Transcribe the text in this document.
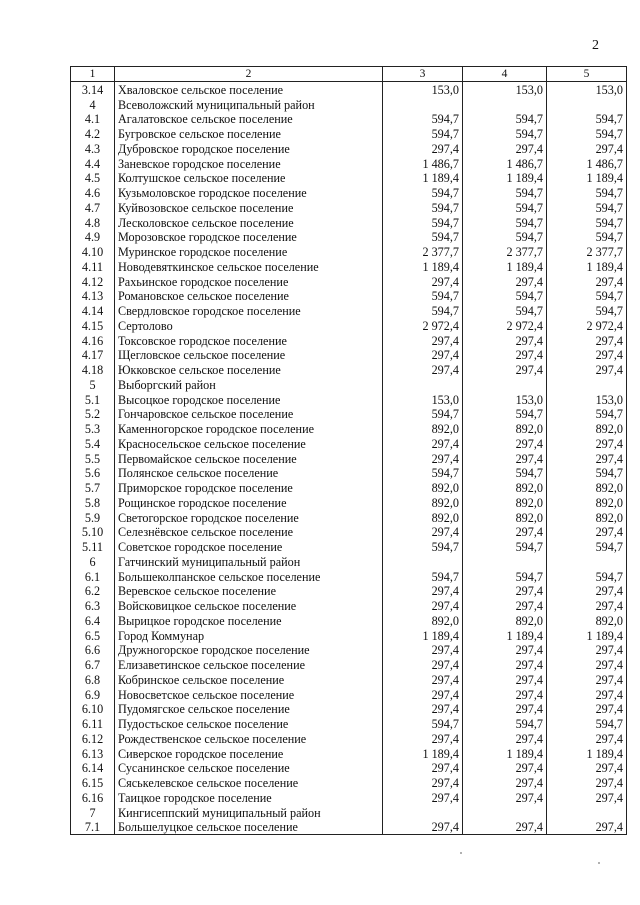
2
1	2	3	4	5
3.14	Хваловское сельское поселение	153,0	153,0	153,0
4	Всеволожский муниципальный район			
4.1	Агалатовское сельское поселение	594,7	594,7	594,7
4.2	Бугровское сельское поселение	594,7	594,7	594,7
4.3	Дубровское городское поселение	297,4	297,4	297,4
4.4	Заневское городское поселение	1 486,7	1 486,7	1 486,7
4.5	Колтушское сельское поселение	1 189,4	1 189,4	1 189,4
4.6	Кузьмоловское городское поселение	594,7	594,7	594,7
4.7	Куйвозовское сельское поселение	594,7	594,7	594,7
4.8	Лесколовское сельское поселение	594,7	594,7	594,7
4.9	Морозовское городское поселение	594,7	594,7	594,7
4.10	Муринское городское поселение	2 377,7	2 377,7	2 377,7
4.11	Новодевяткинское сельское поселение	1 189,4	1 189,4	1 189,4
4.12	Рахьинское городское поселение	297,4	297,4	297,4
4.13	Романовское сельское поселение	594,7	594,7	594,7
4.14	Свердловское городское поселение	594,7	594,7	594,7
4.15	Сертолово	2 972,4	2 972,4	2 972,4
4.16	Токсовское городское поселение	297,4	297,4	297,4
4.17	Щегловское сельское поселение	297,4	297,4	297,4
4.18	Юкковское сельское поселение	297,4	297,4	297,4
5	Выборгский район			
5.1	Высоцкое городское поселение	153,0	153,0	153,0
5.2	Гончаровское сельское поселение	594,7	594,7	594,7
5.3	Каменногорское городское поселение	892,0	892,0	892,0
5.4	Красносельское сельское поселение	297,4	297,4	297,4
5.5	Первомайское сельское поселение	297,4	297,4	297,4
5.6	Полянское сельское поселение	594,7	594,7	594,7
5.7	Приморское городское поселение	892,0	892,0	892,0
5.8	Рощинское городское поселение	892,0	892,0	892,0
5.9	Светогорское городское поселение	892,0	892,0	892,0
5.10	Селезнёвское сельское поселение	297,4	297,4	297,4
5.11	Советское городское поселение	594,7	594,7	594,7
6	Гатчинский муниципальный район			
6.1	Большеколпанское сельское поселение	594,7	594,7	594,7
6.2	Веревское сельское поселение	297,4	297,4	297,4
6.3	Войсковицкое сельское поселение	297,4	297,4	297,4
6.4	Вырицкое городское поселение	892,0	892,0	892,0
6.5	Город Коммунар	1 189,4	1 189,4	1 189,4
6.6	Дружногорское городское поселение	297,4	297,4	297,4
6.7	Елизаветинское сельское поселение	297,4	297,4	297,4
6.8	Кобринское сельское поселение	297,4	297,4	297,4
6.9	Новосветское сельское поселение	297,4	297,4	297,4
6.10	Пудомягское сельское поселение	297,4	297,4	297,4
6.11	Пудостьское сельское поселение	594,7	594,7	594,7
6.12	Рождественское сельское поселение	297,4	297,4	297,4
6.13	Сиверское городское поселение	1 189,4	1 189,4	1 189,4
6.14	Сусанинское сельское поселение	297,4	297,4	297,4
6.15	Сяськелевское сельское поселение	297,4	297,4	297,4
6.16	Таицкое городское поселение	297,4	297,4	297,4
7	Кингисеппский муниципальный район			
7.1	Большелуцкое сельское поселение	297,4	297,4	297,4
